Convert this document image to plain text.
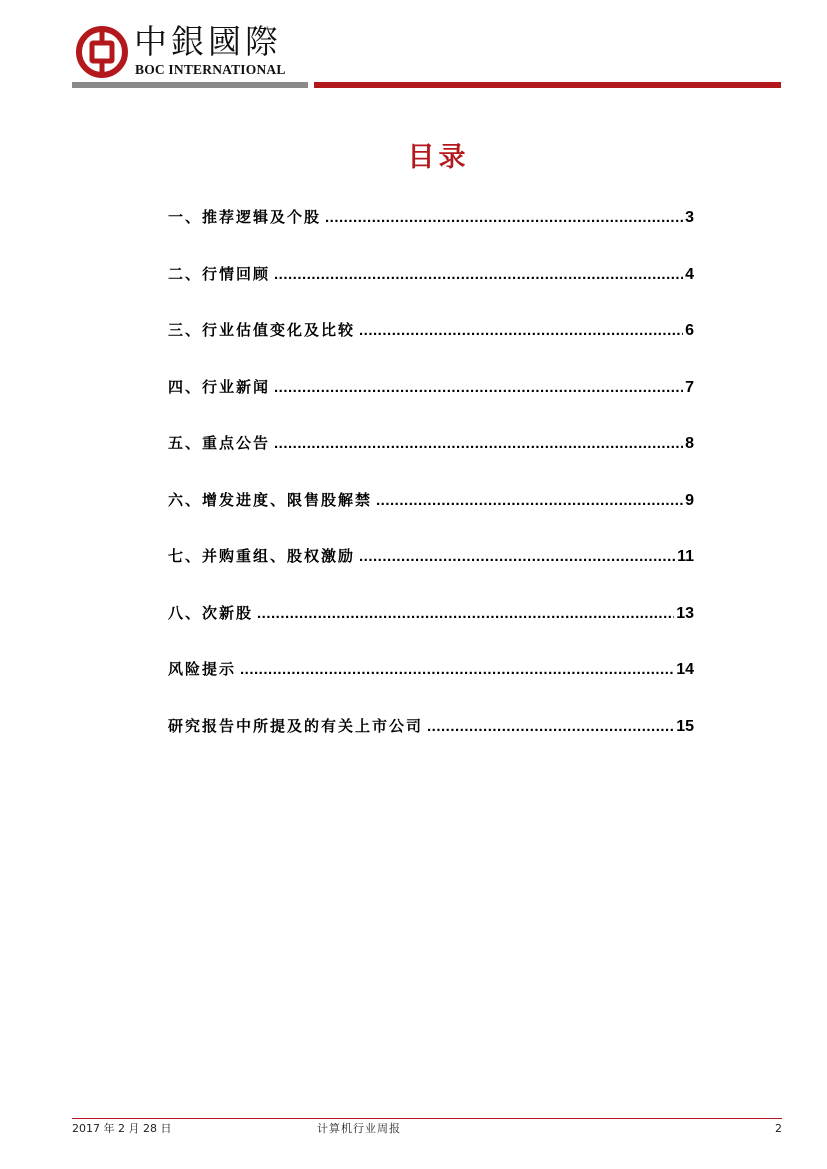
中銀國際
BOC INTERNATIONAL
目录
一、推荐逻辑及个股 .....	3
二、行情回顾 .....	4
三、行业估值变化及比较 .....	6
四、行业新闻 .....	7
五、重点公告 .....	8
六、增发进度、限售股解禁 .....	9
七、并购重组、股权激励 .....	11
八、次新股 .....	13
风险提示 .....	14
研究报告中所提及的有关上市公司 .....	15
2017 年 2 月 28 日	计算机行业周报	2
